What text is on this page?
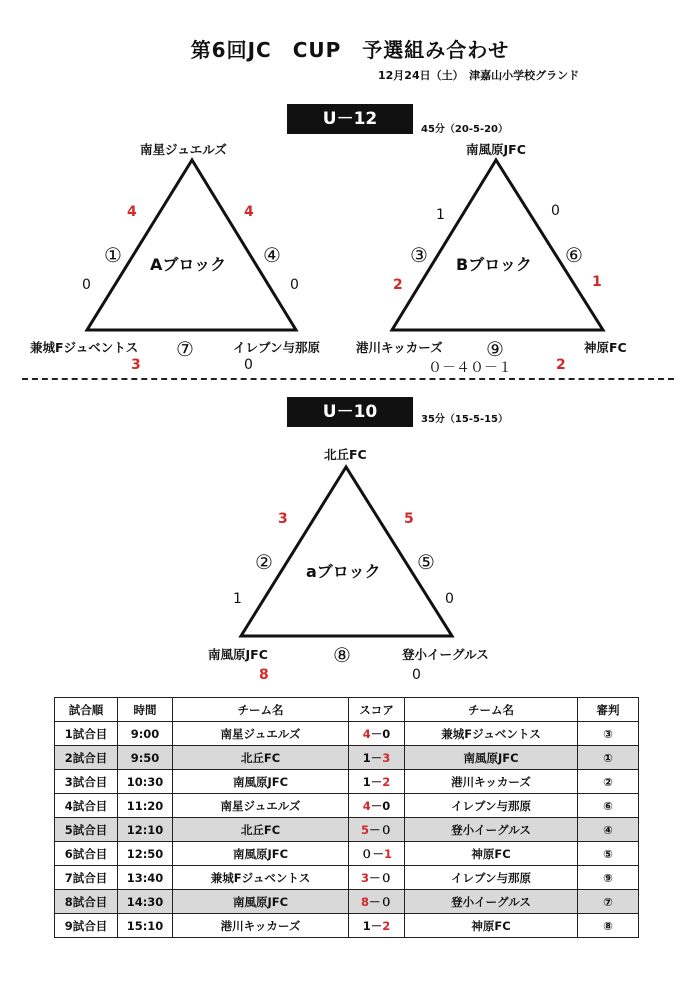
第6回JC　CUP　予選組み合わせ
12月24日（土）　津嘉山小学校グランド
U－12
45分（20-5-20）
南星ジュエルズ
兼城Fジュベントス	イレブン与那原
Aブロック
①	④
⑦
4
0
4
0
3	0
南風原JFC
港川キッカーズ	神原FC
Bブロック
③	⑥
⑨
1
2
0
1
０－４０－１	2
U－10	35分（15-5-15）
北丘FC
南風原JFC	登小イーグルス
aブロック
②	⑤
⑧
3
1
5
0
8	0
試合順	時間	チーム名	スコア	チーム名	審判
1試合目	9:00	南星ジュエルズ	4－0	兼城Fジュベントス	③
2試合目	9:50	北丘FC	1－3	南風原JFC	①
3試合目	10:30	南風原JFC	1－2	港川キッカーズ	②
4試合目	11:20	南星ジュエルズ	4－0	イレブン与那原	⑥
5試合目	12:10	北丘FC	5－０	登小イーグルス	④
6試合目	12:50	南風原JFC	０－1	神原FC	⑤
7試合目	13:40	兼城Fジュベントス	3－０	イレブン与那原	⑨
8試合目	14:30	南風原JFC	8－０	登小イーグルス	⑦
9試合目	15:10	港川キッカーズ	1－2	神原FC	⑧
